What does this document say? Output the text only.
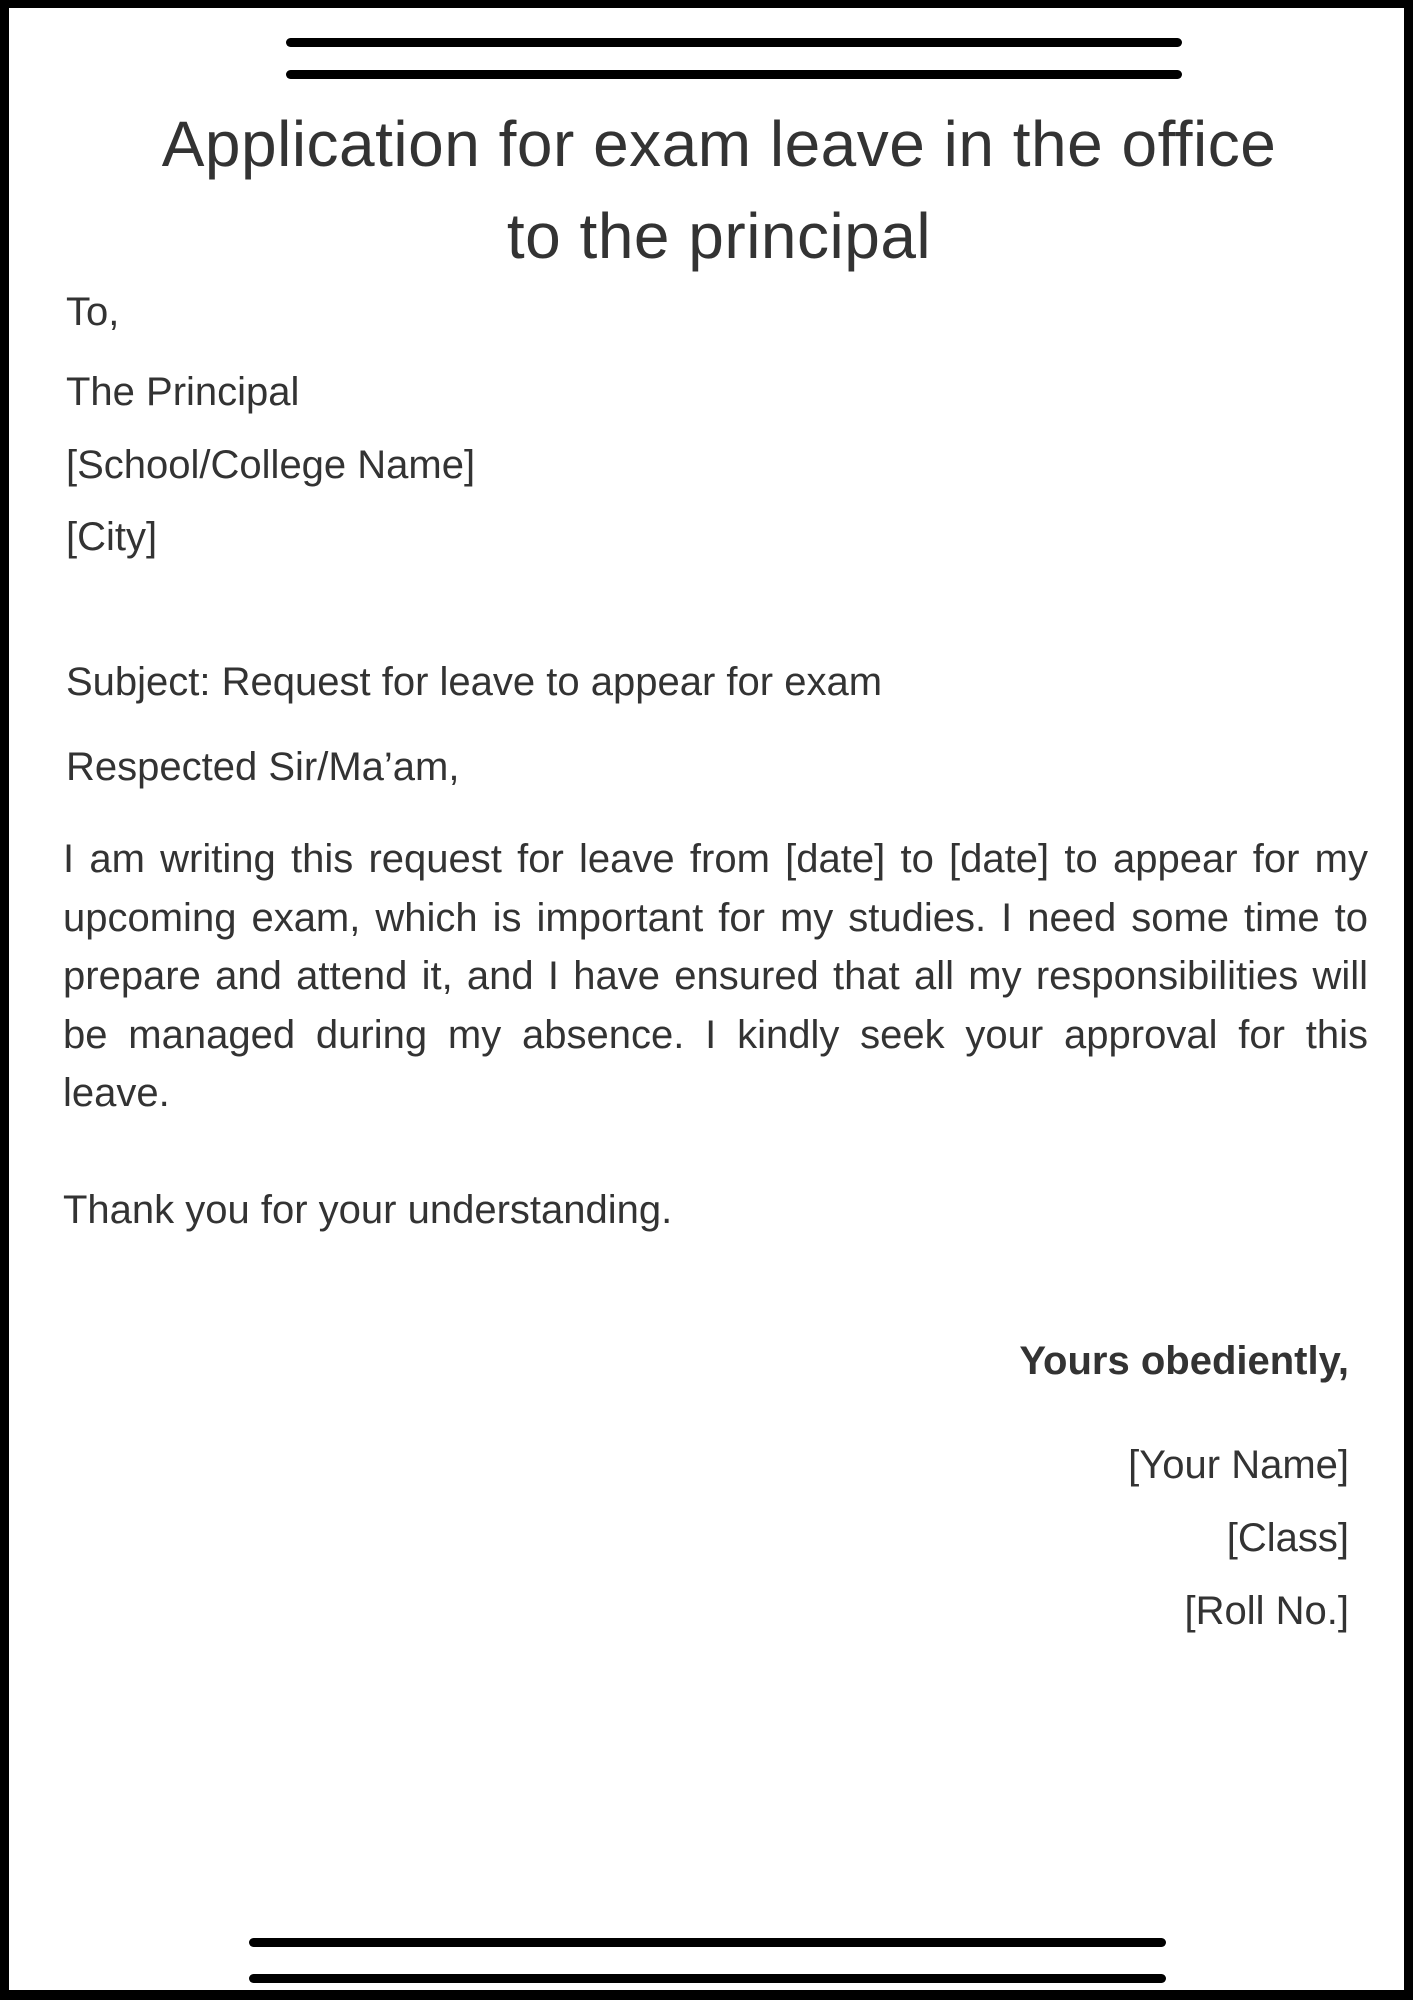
Application for exam leave in the office
to the principal

To,

The Principal

[School/College Name]

[City]

Subject: Request for leave to appear for exam

Respected Sir/Ma’am,

I am writing this request for leave from [date] to [date] to appear for my upcoming exam, which is important for my studies. I need some time to prepare and attend it, and I have ensured that all my responsibilities will be managed during my absence. I kindly seek your approval for this leave.

Thank you for your understanding.

Yours obediently,

[Your Name]

[Class]

[Roll No.]
